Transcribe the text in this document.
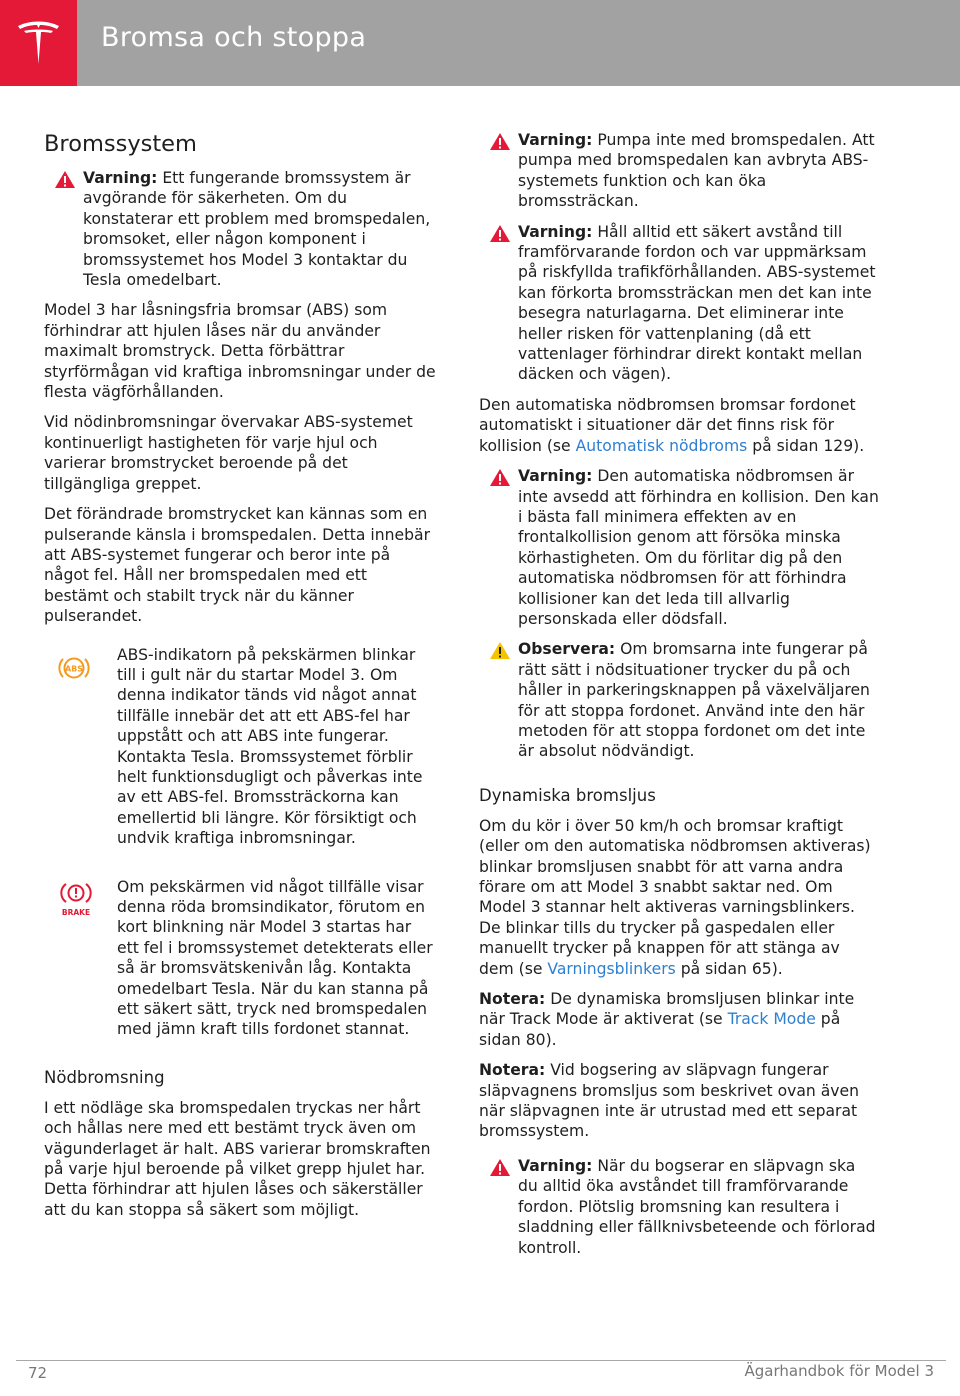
Bromsa och stoppa
Bromssystem
Varning: Ett fungerande bromssystem är avgörande för säkerheten. Om du konstaterar ett problem med bromspedalen, bromsoket, eller någon komponent i bromssystemet hos Model 3 kontaktar du Tesla omedelbart.

Model 3 har låsningsfria bromsar (ABS) som förhindrar att hjulen låses när du använder maximalt bromstryck. Detta förbättrar styrförmågan vid kraftiga inbromsningar under de flesta vägförhållanden.

Vid nödinbromsningar övervakar ABS-systemet kontinuerligt hastigheten för varje hjul och varierar bromstrycket beroende på det tillgängliga greppet.

Det förändrade bromstrycket kan kännas som en pulserande känsla i bromspedalen. Detta innebär att ABS-systemet fungerar och beror inte på något fel. Håll ner bromspedalen med ett bestämt och stabilt tryck när du känner pulserandet.

ABS
ABS-indikatorn på pekskärmen blinkar till i gult när du startar Model 3. Om denna indikator tänds vid något annat tillfälle innebär det att ett ABS-fel har uppstått och att ABS inte fungerar. Kontakta Tesla. Bromssystemet förblir helt funktionsdugligt och påverkas inte av ett ABS-fel. Bromssträckorna kan emellertid bli längre. Kör försiktigt och undvik kraftiga inbromsningar.
BRAKE
Om pekskärmen vid något tillfälle visar denna röda bromsindikator, förutom en kort blinkning när Model 3 startas har ett fel i bromssystemet detekterats eller så är bromsvätskenivån låg. Kontakta omedelbart Tesla. När du kan stanna på ett säkert sätt, tryck ned bromspedalen med jämn kraft tills fordonet stannat.
Nödbromsning

I ett nödläge ska bromspedalen tryckas ner hårt och hållas nere med ett bestämt tryck även om vägunderlaget är halt. ABS varierar bromskraften på varje hjul beroende på vilket grepp hjulet har. Detta förhindrar att hjulen låses och säkerställer att du kan stoppa så säkert som möjligt.

Varning: Pumpa inte med bromspedalen. Att pumpa med bromspedalen kan avbryta ABS-systemets funktion och kan öka bromssträckan.
Varning: Håll alltid ett säkert avstånd till framförvarande fordon och var uppmärksam på riskfyllda trafikförhållanden. ABS-systemet kan förkorta bromssträckan men det kan inte besegra naturlagarna. Det eliminerar inte heller risken för vattenplaning (då ett vattenlager förhindrar direkt kontakt mellan däcken och vägen).

Den automatiska nödbromsen bromsar fordonet automatiskt i situationer där det finns risk för kollision (se Automatisk nödbroms på sidan 129).

Varning: Den automatiska nödbromsen är inte avsedd att förhindra en kollision. Den kan i bästa fall minimera effekten av en frontalkollision genom att försöka minska körhastigheten. Om du förlitar dig på den automatiska nödbromsen för att förhindra kollisioner kan det leda till allvarlig personskada eller dödsfall.
Observera: Om bromsarna inte fungerar på rätt sätt i nödsituationer trycker du på och håller in parkeringsknappen på växelväljaren för att stoppa fordonet. Använd inte den här metoden för att stoppa fordonet om det inte är absolut nödvändigt.
Dynamiska bromsljus

Om du kör i över 50 km/h och bromsar kraftigt (eller om den automatiska nödbromsen aktiveras) blinkar bromsljusen snabbt för att varna andra förare om att Model 3 snabbt saktar ned. Om Model 3 stannar helt aktiveras varningsblinkers. De blinkar tills du trycker på gaspedalen eller manuellt trycker på knappen för att stänga av dem (se Varningsblinkers på sidan 65).

Notera: De dynamiska bromsljusen blinkar inte när Track Mode är aktiverat (se Track Mode på sidan 80).

Notera: Vid bogsering av släpvagn fungerar släpvagnens bromsljus som beskrivet ovan även när släpvagnen inte är utrustad med ett separat bromssystem.

Varning: När du bogserar en släpvagn ska du alltid öka avståndet till framförvarande fordon. Plötslig bromsning kan resultera i sladdning eller fällknivsbeteende och förlorad kontroll.
72	Ägarhandbok för Model 3
